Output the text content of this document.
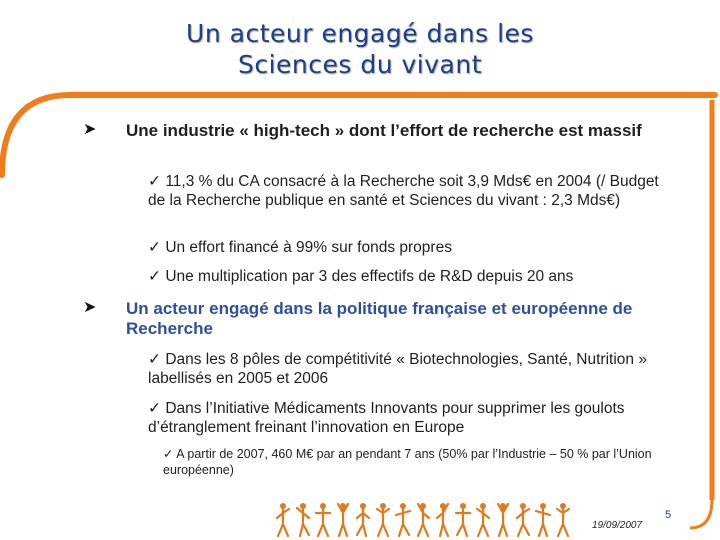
Un acteur engagé dans les
Sciences du vivant
➤ Une industrie « high-tech » dont l’effort de recherche est massif
✓ 11,3 % du CA consacré à la Recherche soit 3,9 Mds€ en 2004 (/ Budget de la Recherche publique en santé et Sciences du vivant : 2,3 Mds€)
✓ Un effort financé à 99% sur fonds propres
✓ Une multiplication par 3 des effectifs de R&D depuis 20 ans
➤ Un acteur engagé dans la politique française et européenne de Recherche
✓ Dans les 8 pôles de compétitivité « Biotechnologies, Santé, Nutrition » labellisés en 2005 et 2006
✓ Dans l’Initiative Médicaments Innovants pour supprimer les goulots d’étranglement freinant l’innovation en Europe
✓ A partir de 2007, 460 M€ par an pendant 7 ans (50% par l’Industrie – 50 % par l’Union européenne)
19/09/2007
5
